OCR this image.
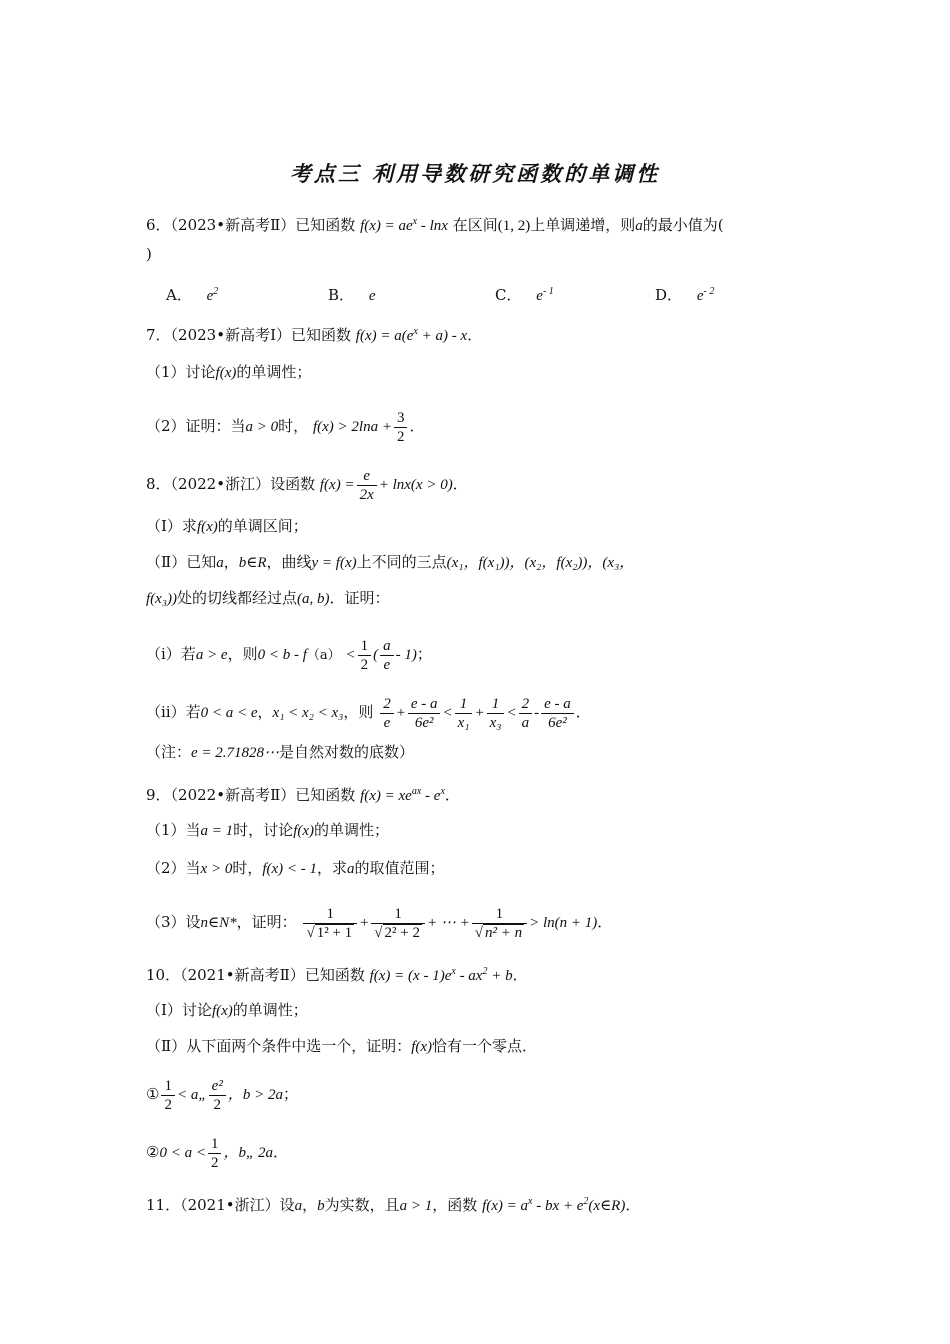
考点三 利用导数研究函数的单调性
6．（2023•新高考Ⅱ）已知函数 $f(x) = ae^x - \ln x$ 在区间(1, 2)上单调递增，则a的最小值为(
)
A． $e^2$	B． e	C． $e^{- 1}$	D． $e^{- 2}$
7．（2023•新高考Ⅰ）已知函数 $f(x) = a(e^x + a) - x$．
（1）讨论f(x)的单调性；
（2）证明：当a > 0时， $f(x) > 2\ln a + \frac{3}{2}$ ．
8．（2022•浙江）设函数 $f(x) = \frac{e}{2x} + \ln x(x > 0)$．
（Ⅰ）求f(x)的单调区间；
（Ⅱ）已知a，b∈R，曲线y = f(x)上不同的三点(x₁，f(x₁))，(x₂，f(x₂))，(x₃，
f(x₃))处的切线都经过点(a, b)．证明：
（ⅰ）若a > e，则$0 < b - f(a) < \frac{1}{2}$ ( $\frac{a}{e} - 1$)；
（ⅱ）若0 < a < e，x₁ < x₂ < x₃，则 $\frac{2}{e} + \frac{e - a}{\text{6e²}} < \frac{1}{\text{x₁}} + \frac{1}{\text{x₃}} < \frac{2}{a} - \frac{e - a}{\text{6e²}}$ ．
（注：e = 2.71828⋯是自然对数的底数）
9．（2022•新高考Ⅱ）已知函数 $f(x) = xe^{ax} - e^x$．
（1）当a = 1时，讨论f(x)的单调性；
（2）当x > 0时，f(x) < - 1，求a的取值范围；
（3）设n∈N*，证明： $\frac{1}{\text{√ 1² + 1}} + \frac{1}{\text{√ 2² + 2}}$ + ⋯ + $\frac{1}{\text{√ n² + n}} > \ln(n + 1)$．
10．（2021•新高考Ⅱ）已知函数 $f(x) = (x - 1)e^x - ax^2 + b$．
（Ⅰ）讨论f(x)的单调性；
（Ⅱ）从下面两个条件中选一个，证明：f(x)恰有一个零点．
① $\frac{1}{2}$ < a„ $\frac{\text{e²}}{2}$ ，b > 2a；
②0 < $a < \frac{1}{2}$ ，b„ 2a．
11．（2021•浙江）设a，b为实数，且a > 1，函数 $f(x) = a^x$ - bx + $e^2(x\in R)$．
